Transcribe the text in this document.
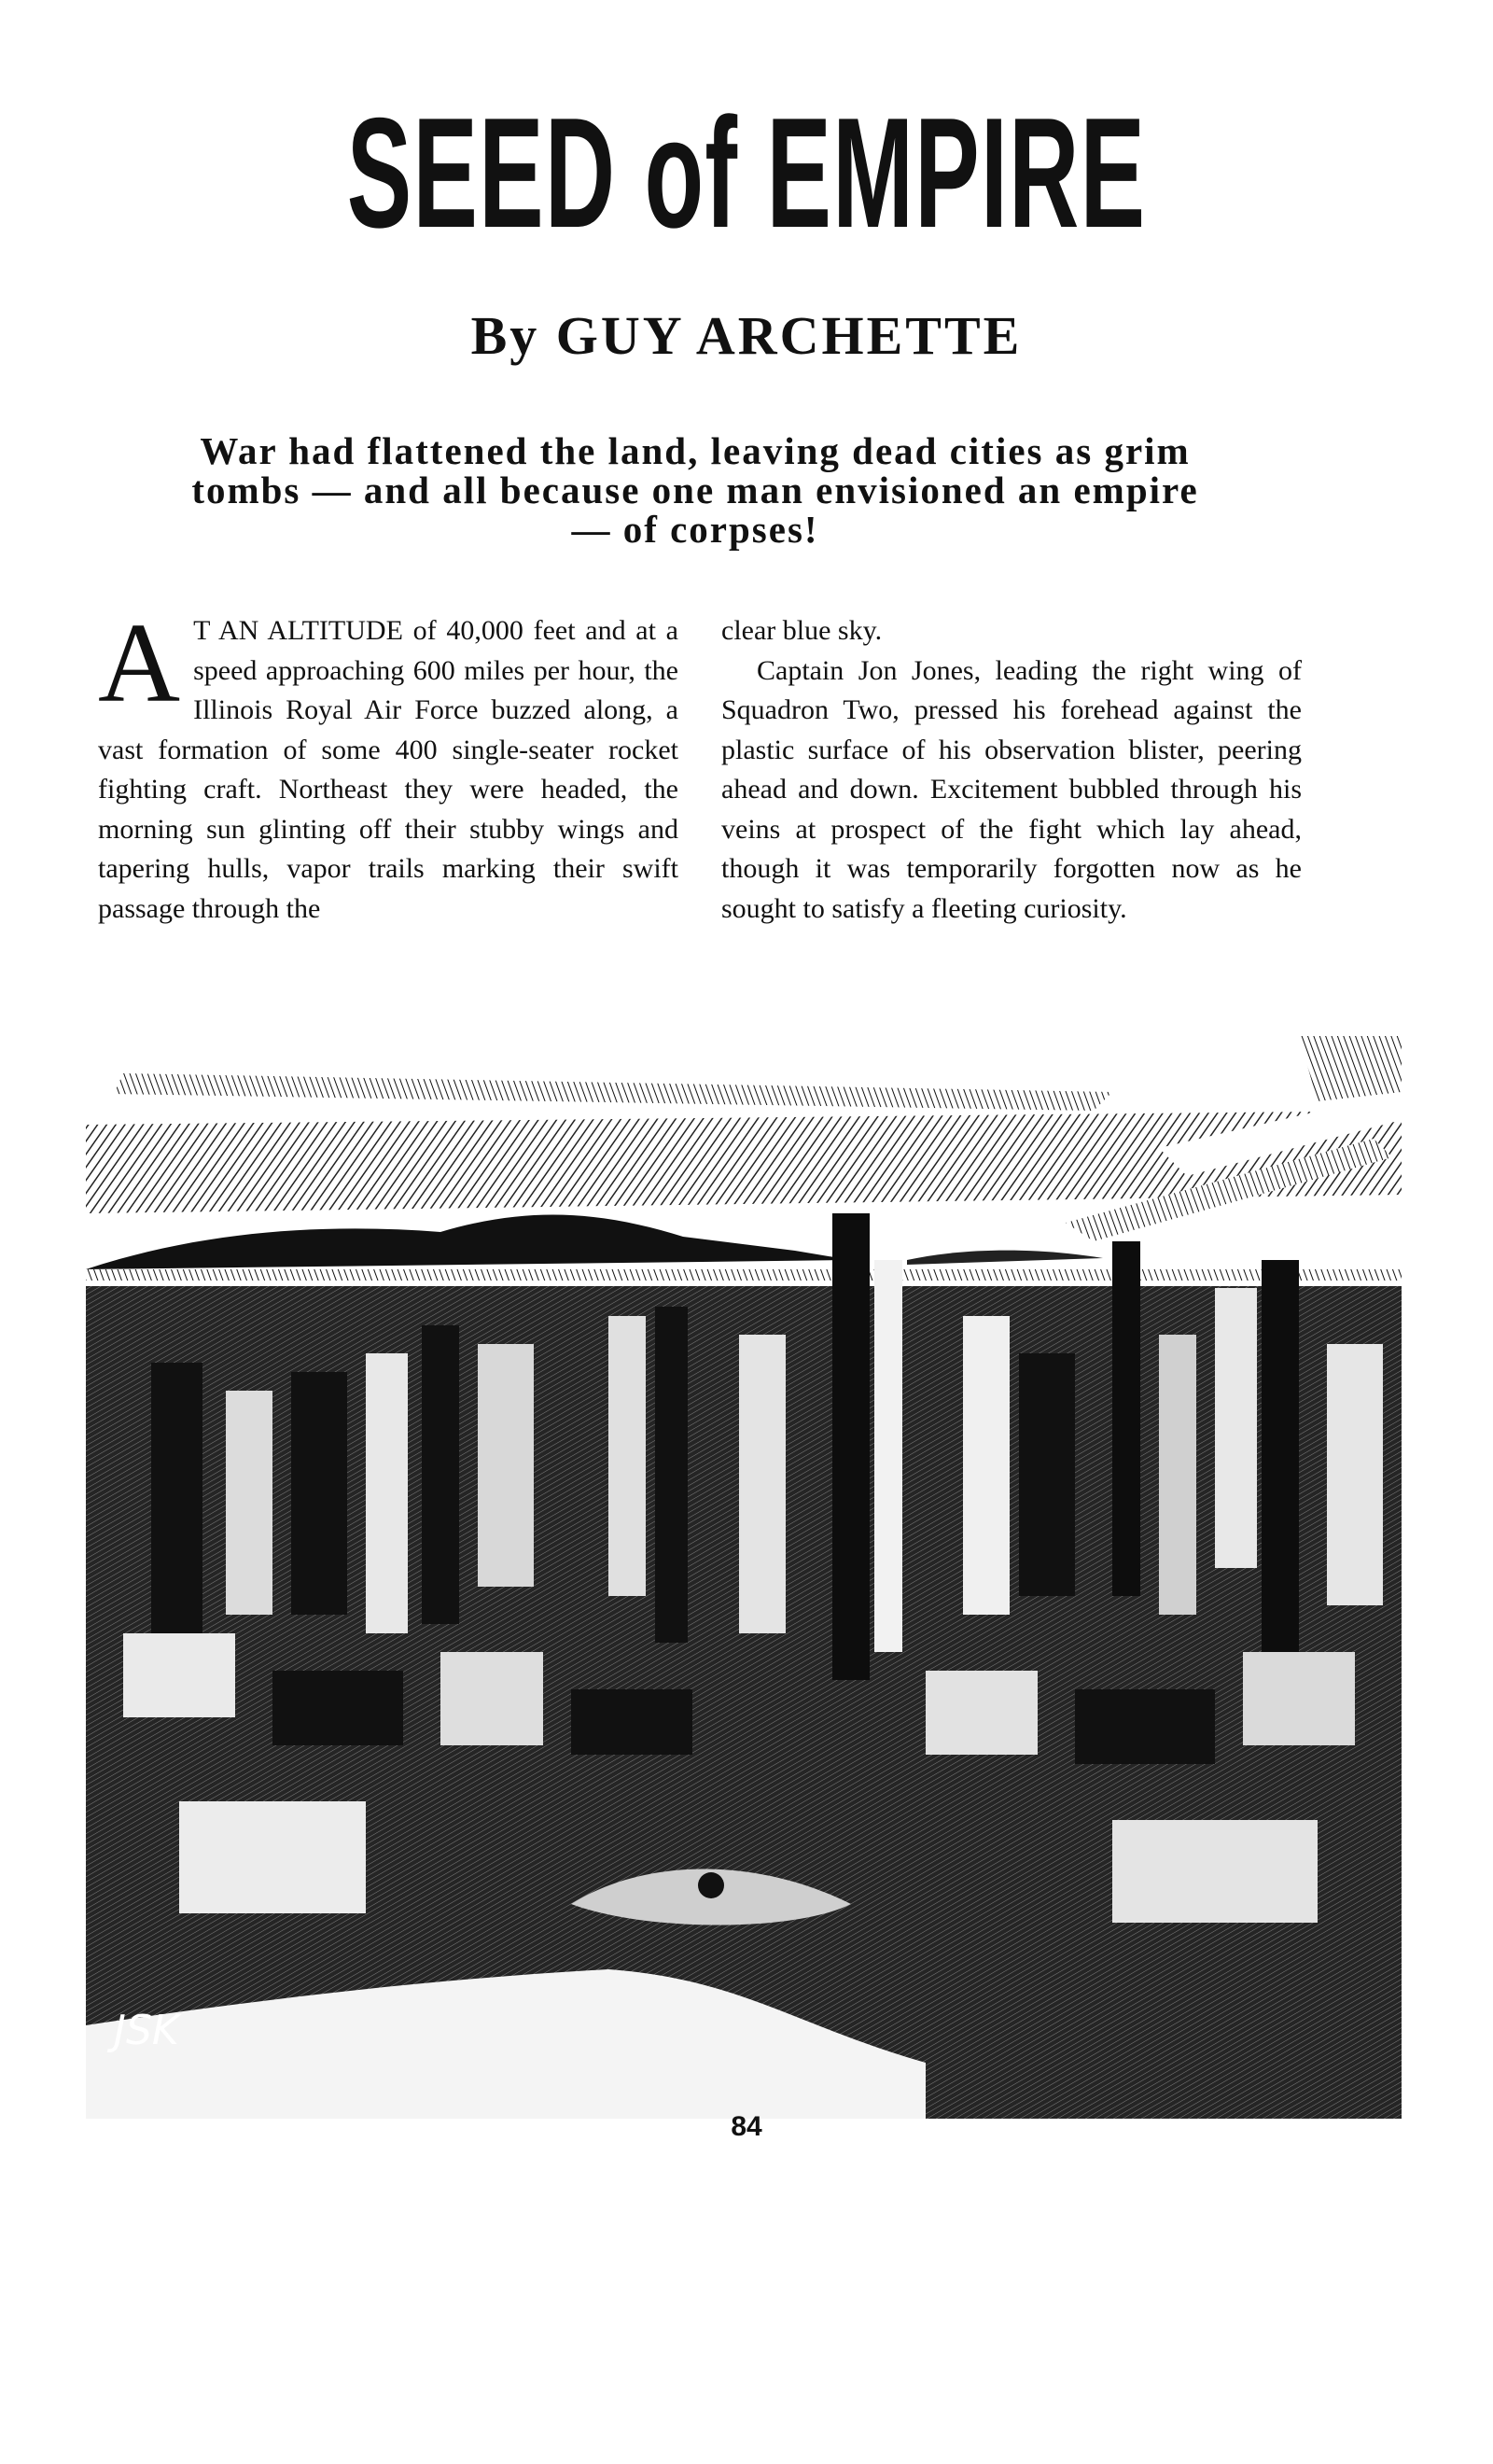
SEED of EMPIRE
By GUY ARCHETTE
War had flattened the land, leaving dead cities as grim tombs — and all because one man envisioned an empire — of corpses!

A T AN ALTITUDE of 40,000 feet and at a speed approaching 600 miles per hour, the Illinois Royal Air Force buzzed along, a vast formation of some 400 single-seater rocket fighting craft. Northeast they were headed, the morning sun glinting off their stubby wings and tapering hulls, vapor trails marking their swift passage through the

clear blue sky.

Captain Jon Jones, leading the right wing of Squadron Two, pressed his forehead against the plastic surface of his observation blister, peering ahead and down. Excitement bubbled through his veins at prospect of the fight which lay ahead, though it was temporarily forgotten now as he sought to satisfy a fleeting curiosity.

JSK
84
